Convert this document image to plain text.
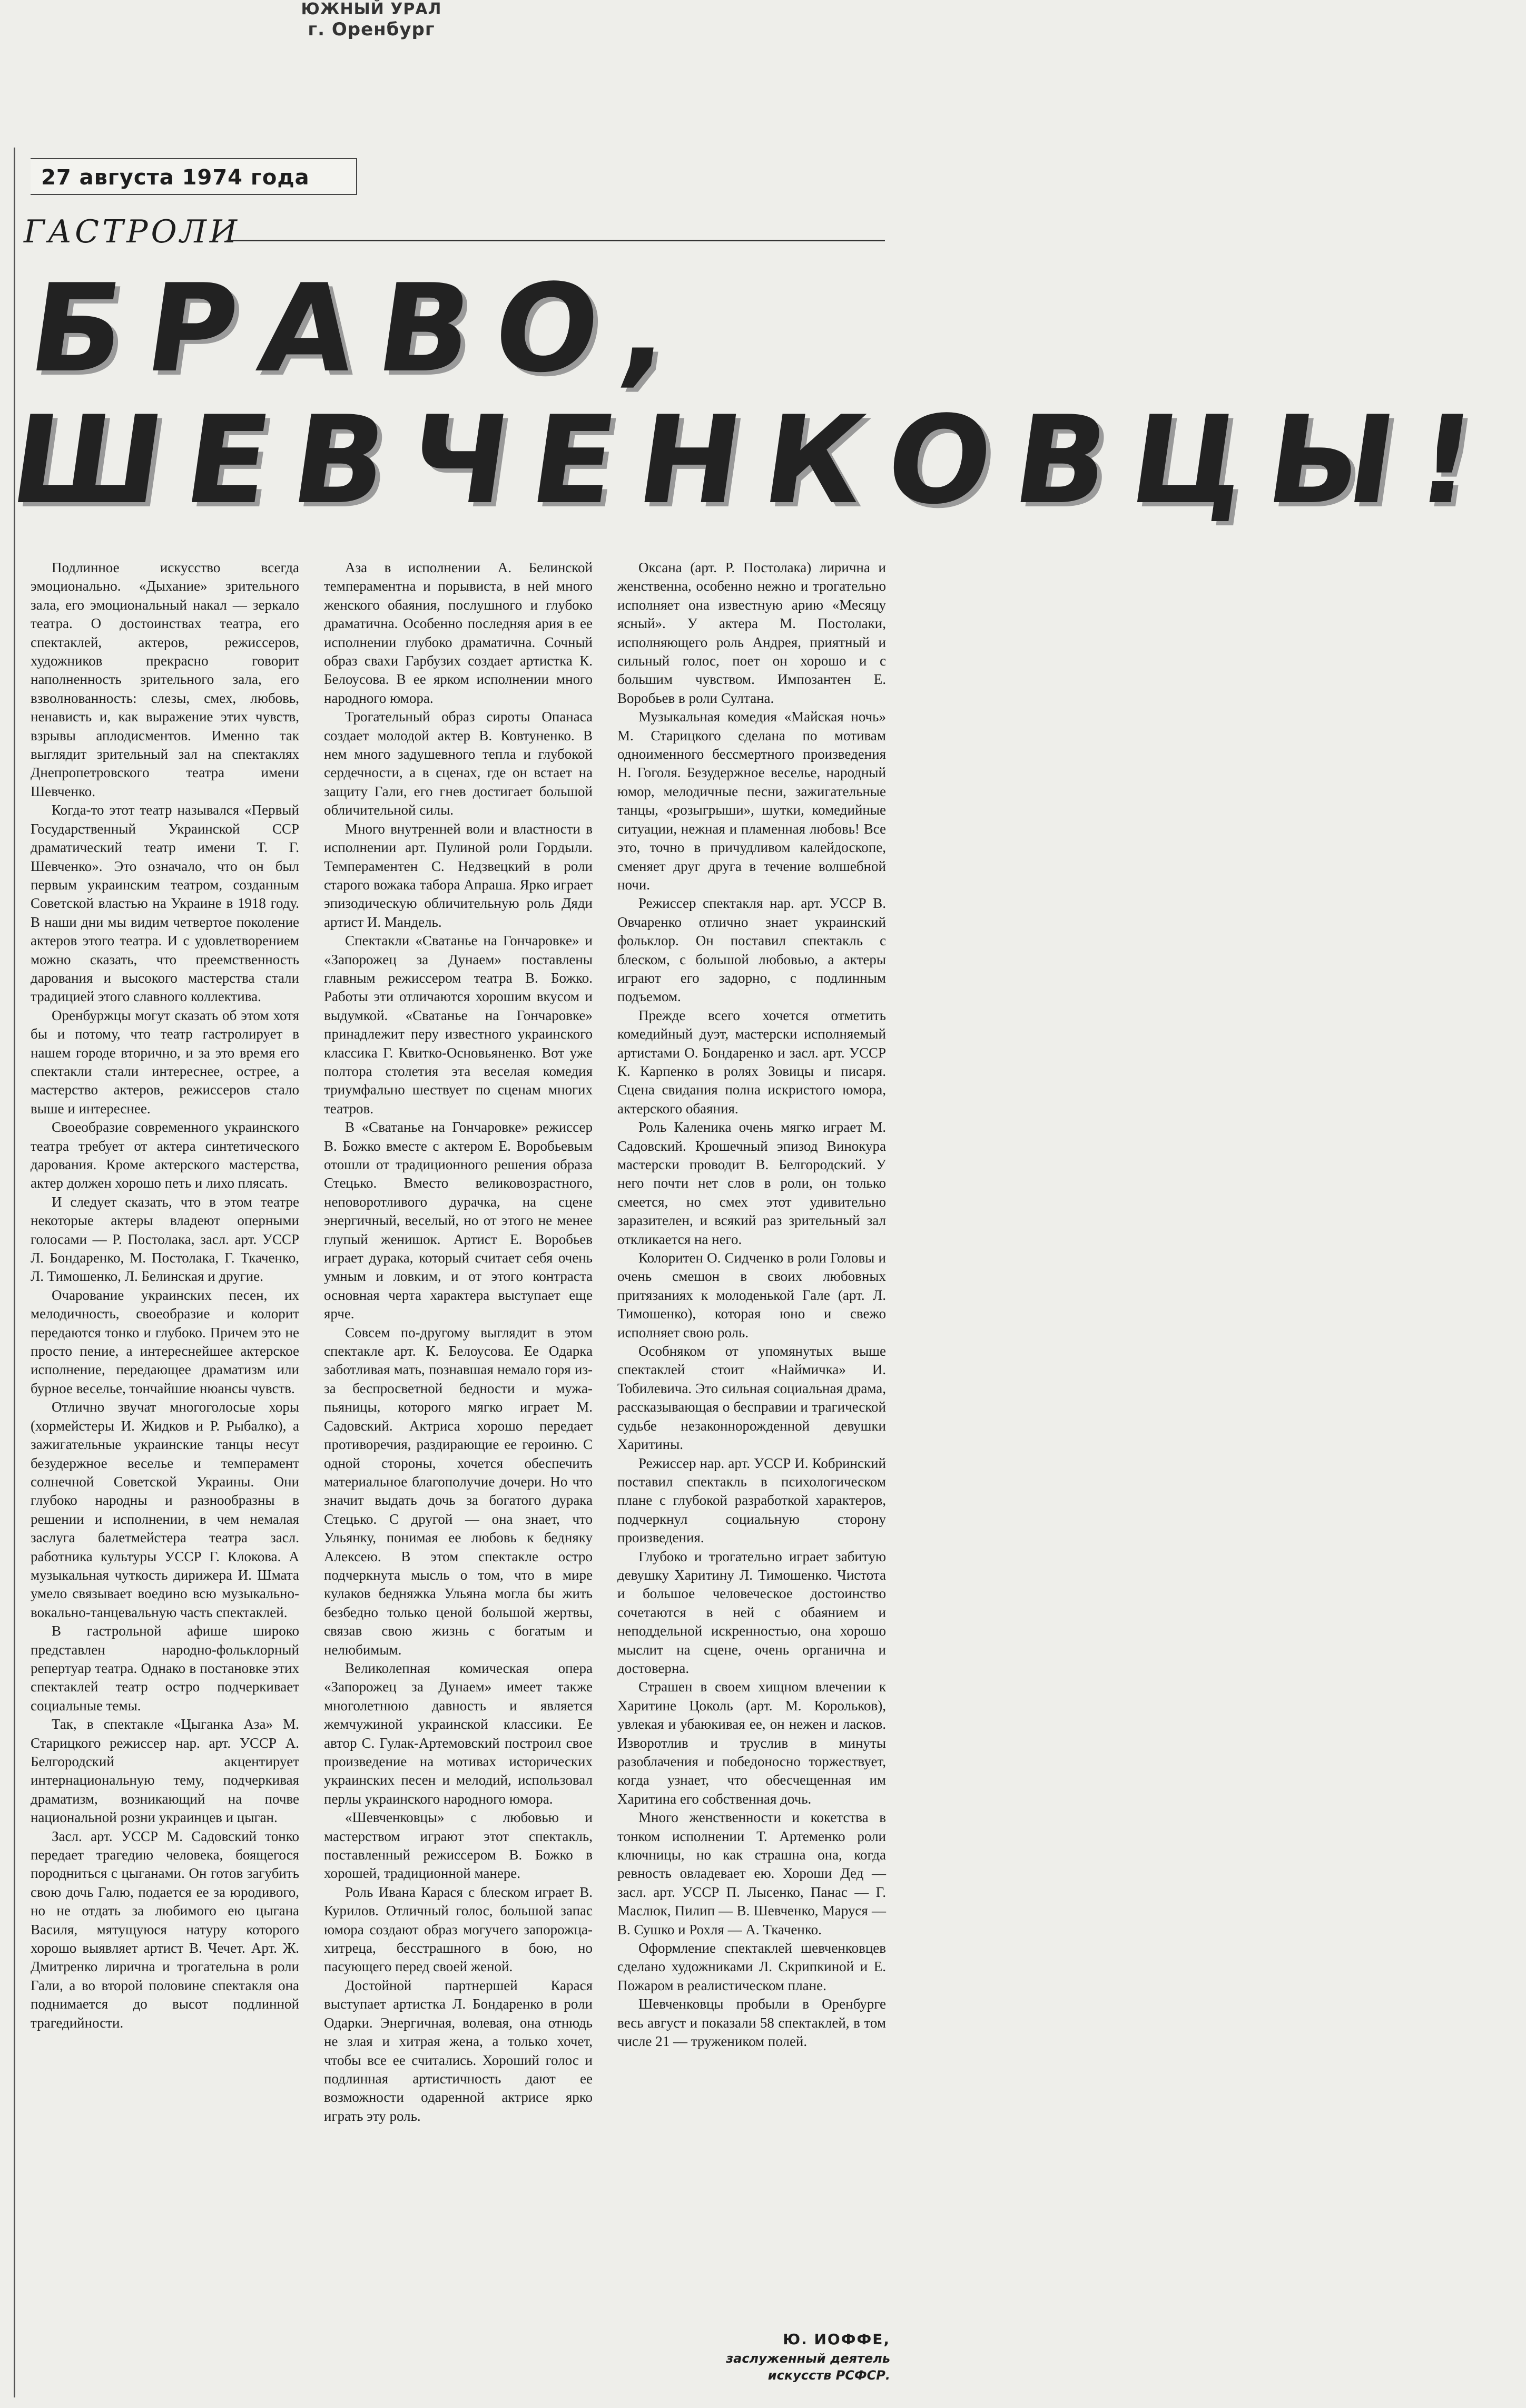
ЮЖНЫЙ УРАЛ
г. Оренбург
27 августа 1974 года
ГАСТРОЛИ
БРАВО,
ШЕВЧЕНКОВЦЫ!

Подлинное искусство всегда эмоционально. «Дыхание» зрительного зала, его эмоциональный накал — зеркало театра. О достоинствах театра, его спектаклей, актеров, режиссеров, художников прекрасно говорит наполненность зрительного зала, его взволнованность: слезы, смех, любовь, ненависть и, как выражение этих чувств, взрывы аплодисментов. Именно так выглядит зрительный зал на спектаклях Днепропетровского театра имени Шевченко.

Когда-то этот театр назывался «Первый Государственный Украинской ССР драматический театр имени Т. Г. Шевченко». Это означало, что он был первым украинским театром, созданным Советской властью на Украине в 1918 году. В наши дни мы видим четвертое поколение актеров этого театра. И с удовлетворением можно сказать, что преемственность дарования и высокого мастерства стали традицией этого славного коллектива.

Оренбуржцы могут сказать об этом хотя бы и потому, что театр гастролирует в нашем городе вторично, и за это время его спектакли стали интереснее, острее, а мастерство актеров, режиссеров стало выше и интереснее.

Своеобразие современного украинского театра требует от актера синтетического дарования. Кроме актерского мастерства, актер должен хорошо петь и лихо плясать.

И следует сказать, что в этом театре некоторые актеры владеют оперными голосами — Р. Постолака, засл. арт. УССР Л. Бондаренко, М. Постолака, Г. Ткаченко, Л. Тимошенко, Л. Белинская и другие.

Очарование украинских песен, их мелодичность, своеобразие и колорит передаются тонко и глубоко. Причем это не просто пение, а интереснейшее актерское исполнение, передающее драматизм или бурное веселье, тончайшие нюансы чувств.

Отлично звучат многоголосые хоры (хормейстеры И. Жидков и Р. Рыбалко), а зажигательные украинские танцы несут безудержное веселье и темперамент солнечной Советской Украины. Они глубоко народны и разнообразны в решении и исполнении, в чем немалая заслуга балетмейстера театра засл. работника культуры УССР Г. Клокова. А музыкальная чуткость дирижера И. Шмата умело связывает воедино всю музыкально-вокально-танцевальную часть спектаклей.

В гастрольной афише широко представлен народно-фольклорный репертуар театра. Однако в постановке этих спектаклей театр остро подчеркивает социальные темы.

Так, в спектакле «Цыганка Аза» М. Старицкого режиссер нар. арт. УССР А. Белгородский акцентирует интернациональную тему, подчеркивая драматизм, возникающий на почве национальной розни украинцев и цыган.

Засл. арт. УССР М. Садовский тонко передает трагедию человека, боящегося породниться с цыганами. Он готов загубить свою дочь Галю, подается ее за юродивого, но не отдать за любимого ею цыгана Василя, мятущуюся натуру которого хорошо выявляет артист В. Чечет. Арт. Ж. Дмитренко лирична и трогательна в роли Гали, а во второй половине спектакля она поднимается до высот подлинной трагедийности.

Аза в исполнении А. Белинской темпераментна и порывиста, в ней много женского обаяния, послушного и глубоко драматична. Особенно последняя ария в ее исполнении глубоко драматична. Сочный образ свахи Гарбузих создает артистка К. Белоусова. В ее ярком исполнении много народного юмора.

Трогательный образ сироты Опанаса создает молодой актер В. Ковтуненко. В нем много задушевного тепла и глубокой сердечности, а в сценах, где он встает на защиту Гали, его гнев достигает большой обличительной силы.

Много внутренней воли и властности в исполнении арт. Пулиной роли Гордыли. Темпераментен С. Недзвецкий в роли старого вожака табора Апраша. Ярко играет эпизодическую обличительную роль Дяди артист И. Мандель.

Спектакли «Сватанье на Гончаровке» и «Запорожец за Дунаем» поставлены главным режиссером театра В. Божко. Работы эти отличаются хорошим вкусом и выдумкой. «Сватанье на Гончаровке» принадлежит перу известного украинского классика Г. Квитко-Основьяненко. Вот уже полтора столетия эта веселая комедия триумфально шествует по сценам многих театров.

В «Сватанье на Гончаровке» режиссер В. Божко вместе с актером Е. Воробьевым отошли от традиционного решения образа Стецько. Вместо великовозрастного, неповоротливого дурачка, на сцене энергичный, веселый, но от этого не менее глупый женишок. Артист Е. Воробьев играет дурака, который считает себя очень умным и ловким, и от этого контраста основная черта характера выступает еще ярче.

Совсем по-другому выглядит в этом спектакле арт. К. Белоусова. Ее Одарка заботливая мать, познавшая немало горя из-за беспросветной бедности и мужа-пьяницы, которого мягко играет М. Садовский. Актриса хорошо передает противоречия, раздирающие ее героиню. С одной стороны, хочется обеспечить материальное благополучие дочери. Но что значит выдать дочь за богатого дурака Стецько. С другой — она знает, что Ульянку, понимая ее любовь к бедняку Алексею. В этом спектакле остро подчеркнута мысль о том, что в мире кулаков бедняжка Ульяна могла бы жить безбедно только ценой большой жертвы, связав свою жизнь с богатым и нелюбимым.

Великолепная комическая опера «Запорожец за Дунаем» имеет также многолетнюю давность и является жемчужиной украинской классики. Ее автор С. Гулак-Артемовский построил свое произведение на мотивах исторических украинских песен и мелодий, использовал перлы украинского народного юмора.

«Шевченковцы» с любовью и мастерством играют этот спектакль, поставленный режиссером В. Божко в хорошей, традиционной манере.

Роль Ивана Карася с блеском играет В. Курилов. Отличный голос, большой запас юмора создают образ могучего запорожца-хитреца, бесстрашного в бою, но пасующего перед своей женой.

Достойной партнершей Карася выступает артистка Л. Бондаренко в роли Одарки. Энергичная, волевая, она отнюдь не злая и хитрая жена, а только хочет, чтобы все ее считались. Хороший голос и подлинная артистичность дают ее возможности одаренной актрисе ярко играть эту роль.

Оксана (арт. Р. Постолака) лирична и женственна, особенно нежно и трогательно исполняет она известную арию «Месяцу ясный». У актера М. Постолаки, исполняющего роль Андрея, приятный и сильный голос, поет он хорошо и с большим чувством. Импозантен Е. Воробьев в роли Султана.

Музыкальная комедия «Майская ночь» М. Старицкого сделана по мотивам одноименного бессмертного произведения Н. Гоголя. Безудержное веселье, народный юмор, мелодичные песни, зажигательные танцы, «розыгрыши», шутки, комедийные ситуации, нежная и пламенная любовь! Все это, точно в причудливом калейдоскопе, сменяет друг друга в течение волшебной ночи.

Режиссер спектакля нар. арт. УССР В. Овчаренко отлично знает украинский фольклор. Он поставил спектакль с блеском, с большой любовью, а актеры играют его задорно, с подлинным подъемом.

Прежде всего хочется отметить комедийный дуэт, мастерски исполняемый артистами О. Бондаренко и засл. арт. УССР К. Карпенко в ролях Зовицы и писаря. Сцена свидания полна искристого юмора, актерского обаяния.

Роль Каленика очень мягко играет М. Садовский. Крошечный эпизод Винокура мастерски проводит В. Белгородский. У него почти нет слов в роли, он только смеется, но смех этот удивительно заразителен, и всякий раз зрительный зал откликается на него.

Колоритен О. Сидченко в роли Головы и очень смешон в своих любовных притязаниях к молоденькой Гале (арт. Л. Тимошенко), которая юно и свежо исполняет свою роль.

Особняком от упомянутых выше спектаклей стоит «Наймичка» И. Тобилевича. Это сильная социальная драма, рассказывающая о бесправии и трагической судьбе незаконнорожденной девушки Харитины.

Режиссер нар. арт. УССР И. Кобринский поставил спектакль в психологическом плане с глубокой разработкой характеров, подчеркнул социальную сторону произведения.

Глубоко и трогательно играет забитую девушку Харитину Л. Тимошенко. Чистота и большое человеческое достоинство сочетаются в ней с обаянием и неподдельной искренностью, она хорошо мыслит на сцене, очень органична и достоверна.

Страшен в своем хищном влечении к Харитине Цоколь (арт. М. Корольков), увлекая и убаюкивая ее, он нежен и ласков. Изворотлив и труслив в минуты разоблачения и победоносно торжествует, когда узнает, что обесчещенная им Харитина его собственная дочь.

Много женственности и кокетства в тонком исполнении Т. Артеменко роли ключницы, но как страшна она, когда ревность овладевает ею. Хороши Дед — засл. арт. УССР П. Лысенко, Панас — Г. Маслюк, Пилип — В. Шевченко, Маруся — В. Сушко и Рохля — А. Ткаченко.

Оформление спектаклей шевченковцев сделано художниками Л. Скрипкиной и Е. Пожаром в реалистическом плане.

Шевченковцы пробыли в Оренбурге весь август и показали 58 спектаклей, в том числе 21 — тружеником полей.

Ю. ИОФФЕ,
заслуженный деятель
искусств РСФСР.
